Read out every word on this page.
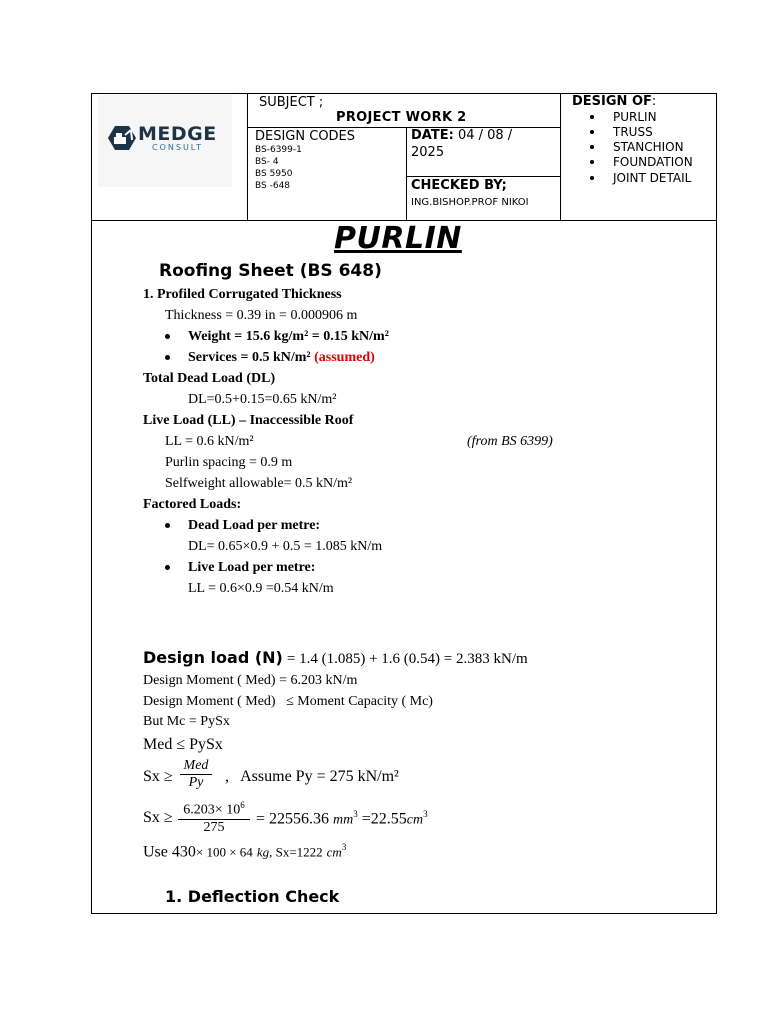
MEDGE
CONSULT
SUBJECT ;
PROJECT WORK 2
DESIGN CODES
BS-6399-1
BS- 4
BS 5950
BS -648
DATE: 04 / 08 /
2025
CHECKED BY;
ING.BISHOP.PROF NIKOI
DESIGN OF:
PURLIN
TRUSS
STANCHION
FOUNDATION
JOINT DETAIL
PURLIN
Roofing Sheet (BS 648)
1. Profiled Corrugated Thickness
Thickness = 0.39 in = 0.000906 m
Weight = 15.6 kg/m² = 0.15 kN/m²
Services = 0.5 kN/m² (assumed)
Total Dead Load (DL)
DL=0.5+0.15=0.65 kN/m²
Live Load (LL) – Inaccessible Roof
LL = 0.6 kN/m²	(from BS 6399)
Purlin spacing = 0.9 m
Selfweight allowable= 0.5 kN/m²
Factored Loads:
Dead Load per metre:
DL= 0.65×0.9 + 0.5 = 1.085 kN/m
Live Load per metre:
LL = 0.6×0.9 =0.54 kN/m
Design load (N) = 1.4 (1.085) + 1.6 (0.54) = 2.383 kN/m
Design Moment ( Med) = 6.203 kN/m
Design Moment ( Med)   ≤ Moment Capacity ( Mc)
But Mc = PySx
Med ≤ PySx
Sx ≥
Med
Py	,   Assume Py = 275 kN/m²
$Sx \ge \frac{6.203\times 10^6}{275} = 22556.36$ $mm^3 =22.55cm^3$
Use 430× 100 × 64 kg, Sx=1222 $cm^3$
1. Deflection Check
